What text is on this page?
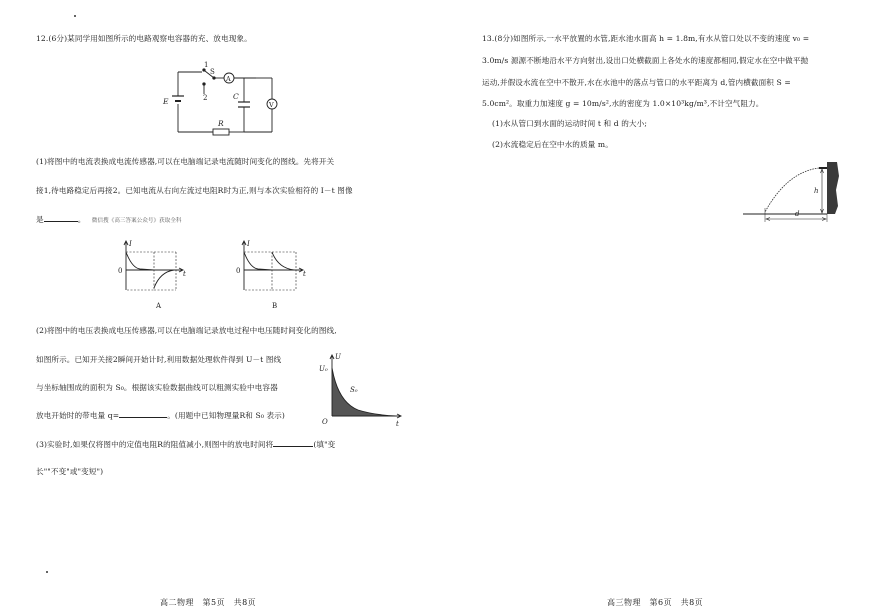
12.(6分)某同学用如图所示的电路观察电容器的充、放电现象。
1
S
2
A
E
C
V
R
(1)将图中的电流表换成电流传感器,可以在电脑端记录电流随时间变化的图线。先将开关
接1,待电路稳定后再接2。已知电流从右向左流过电阻R时为正,则与本次实验相符的 I－t 图像
是	。 微信搜《高三答案公众号》获取全科
I
t
0
A
I
t
0
B
(2)将图中的电压表换成电压传感器,可以在电脑端记录放电过程中电压随时间变化的图线,
如图所示。已知开关接2瞬间开始计时,利用数据处理软件得到 U－t 图线
与坐标轴围成的面积为 S₀。根据该实验数据曲线可以粗测实验中电容器
放电开始时的带电量 q=	。(用题中已知物理量R和 S₀ 表示)
U₀
U
S₀
O	t
(3)实验时,如果仅将图中的定值电阻R的阻值减小,则图中的放电时间将	(填"变
长""不变"或"变短")
高二物理　第5页　共8页
13.(8分)如图所示,一水平放置的水管,距水池水面高 h = 1.8m,有水从管口处以不变的速度 v₀ =
3.0m/s 源源不断地沿水平方向射出,设出口处横截面上各处水的速度都相同,假定水在空中做平抛
运动,并假设水流在空中不散开,水在水池中的落点与管口的水平距离为 d,管内横截面积 S =
5.0cm²。取重力加速度 g = 10m/s²,水的密度为 1.0×10³kg/m³,不计空气阻力。
(1)水从管口到水面的运动时间 t 和 d 的大小;
(2)水流稳定后在空中水的质量 m。
h
d
高三物理　第6页　共8页
